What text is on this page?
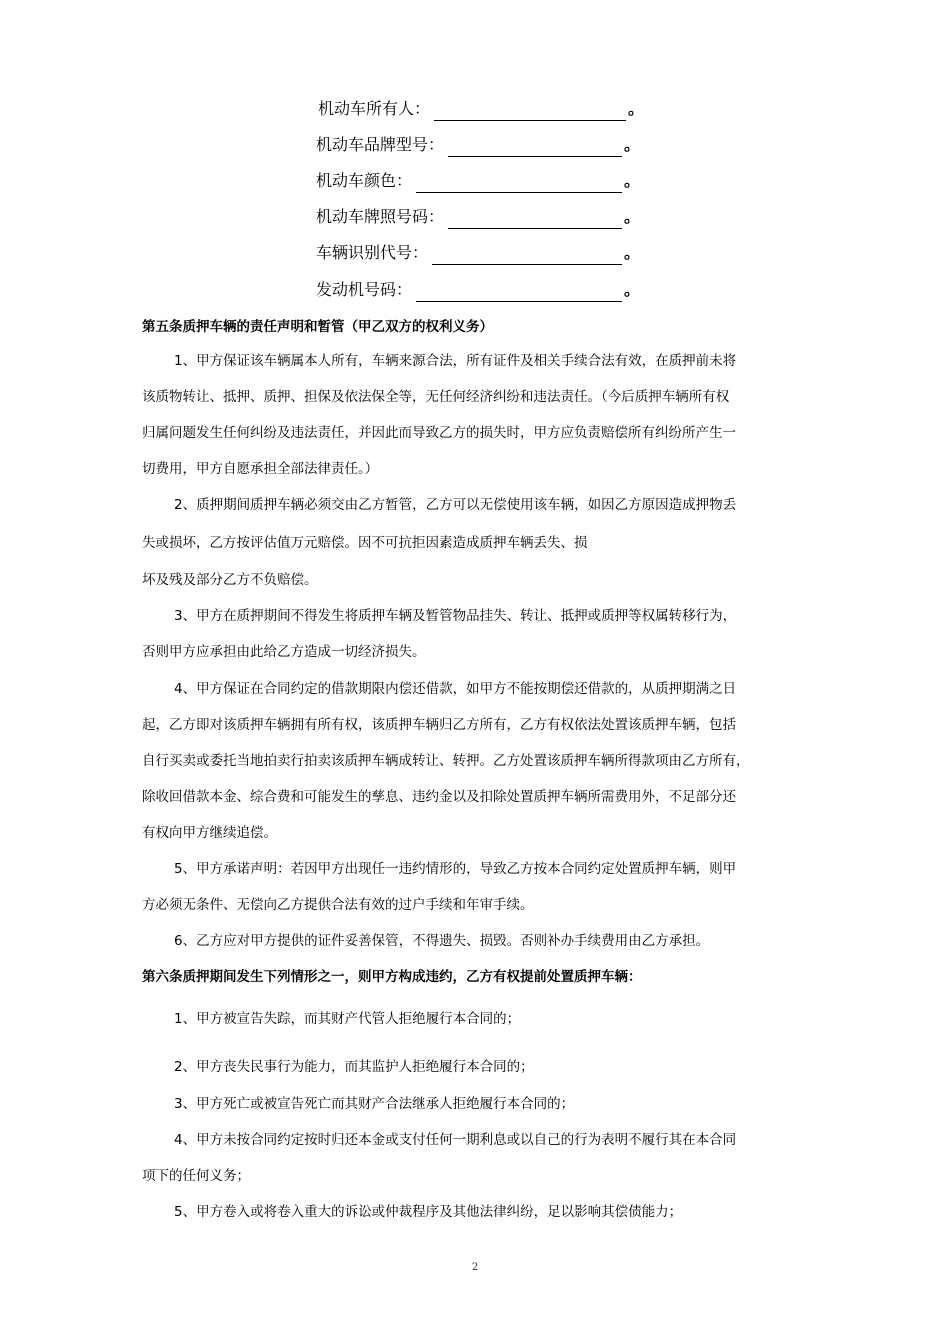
机动车所有人：	。
机动车品牌型号：	。
机动车颜色：	。
机动车牌照号码：	。
车辆识别代号：	。
发动机号码：	。
第五条质押车辆的责任声明和暂管（甲乙双方的权利义务）
1、甲方保证该车辆属本人所有，车辆来源合法，所有证件及相关手续合法有效，在质押前未将
该质物转让、抵押、质押、担保及依法保全等，无任何经济纠纷和违法责任。（今后质押车辆所有权
归属问题发生任何纠纷及违法责任，并因此而导致乙方的损失时，甲方应负责赔偿所有纠纷所产生一
切费用，甲方自愿承担全部法律责任。）
2、质押期间质押车辆必须交由乙方暂管，乙方可以无偿使用该车辆，如因乙方原因造成押物丢
失或损坏，乙方按评估值万元赔偿。因不可抗拒因素造成质押车辆丢失、损
坏及残及部分乙方不负赔偿。
3、甲方在质押期间不得发生将质押车辆及暂管物品挂失、转让、抵押或质押等权属转移行为，
否则甲方应承担由此给乙方造成一切经济损失。
4、甲方保证在合同约定的借款期限内偿还借款，如甲方不能按期偿还借款的，从质押期满之日
起，乙方即对该质押车辆拥有所有权，该质押车辆归乙方所有，乙方有权依法处置该质押车辆，包括
自行买卖或委托当地拍卖行拍卖该质押车辆成转让、转押。乙方处置该质押车辆所得款项由乙方所有，
除收回借款本金、综合费和可能发生的孳息、违约金以及扣除处置质押车辆所需费用外，不足部分还
有权向甲方继续追偿。
5、甲方承诺声明：若因甲方出现任一违约情形的，导致乙方按本合同约定处置质押车辆，则甲
方必须无条件、无偿向乙方提供合法有效的过户手续和年审手续。
6、乙方应对甲方提供的证件妥善保管，不得遗失、损毁。否则补办手续费用由乙方承担。
第六条质押期间发生下列情形之一，则甲方构成违约，乙方有权提前处置质押车辆：
1、甲方被宣告失踪，而其财产代管人拒绝履行本合同的；
2、甲方丧失民事行为能力，而其监护人拒绝履行本合同的；
3、甲方死亡或被宣告死亡而其财产合法继承人拒绝履行本合同的；
4、甲方未按合同约定按时归还本金或支付任何一期利息或以自己的行为表明不履行其在本合同
项下的任何义务；
5、甲方卷入或将卷入重大的诉讼或仲裁程序及其他法律纠纷，足以影响其偿债能力；
2
